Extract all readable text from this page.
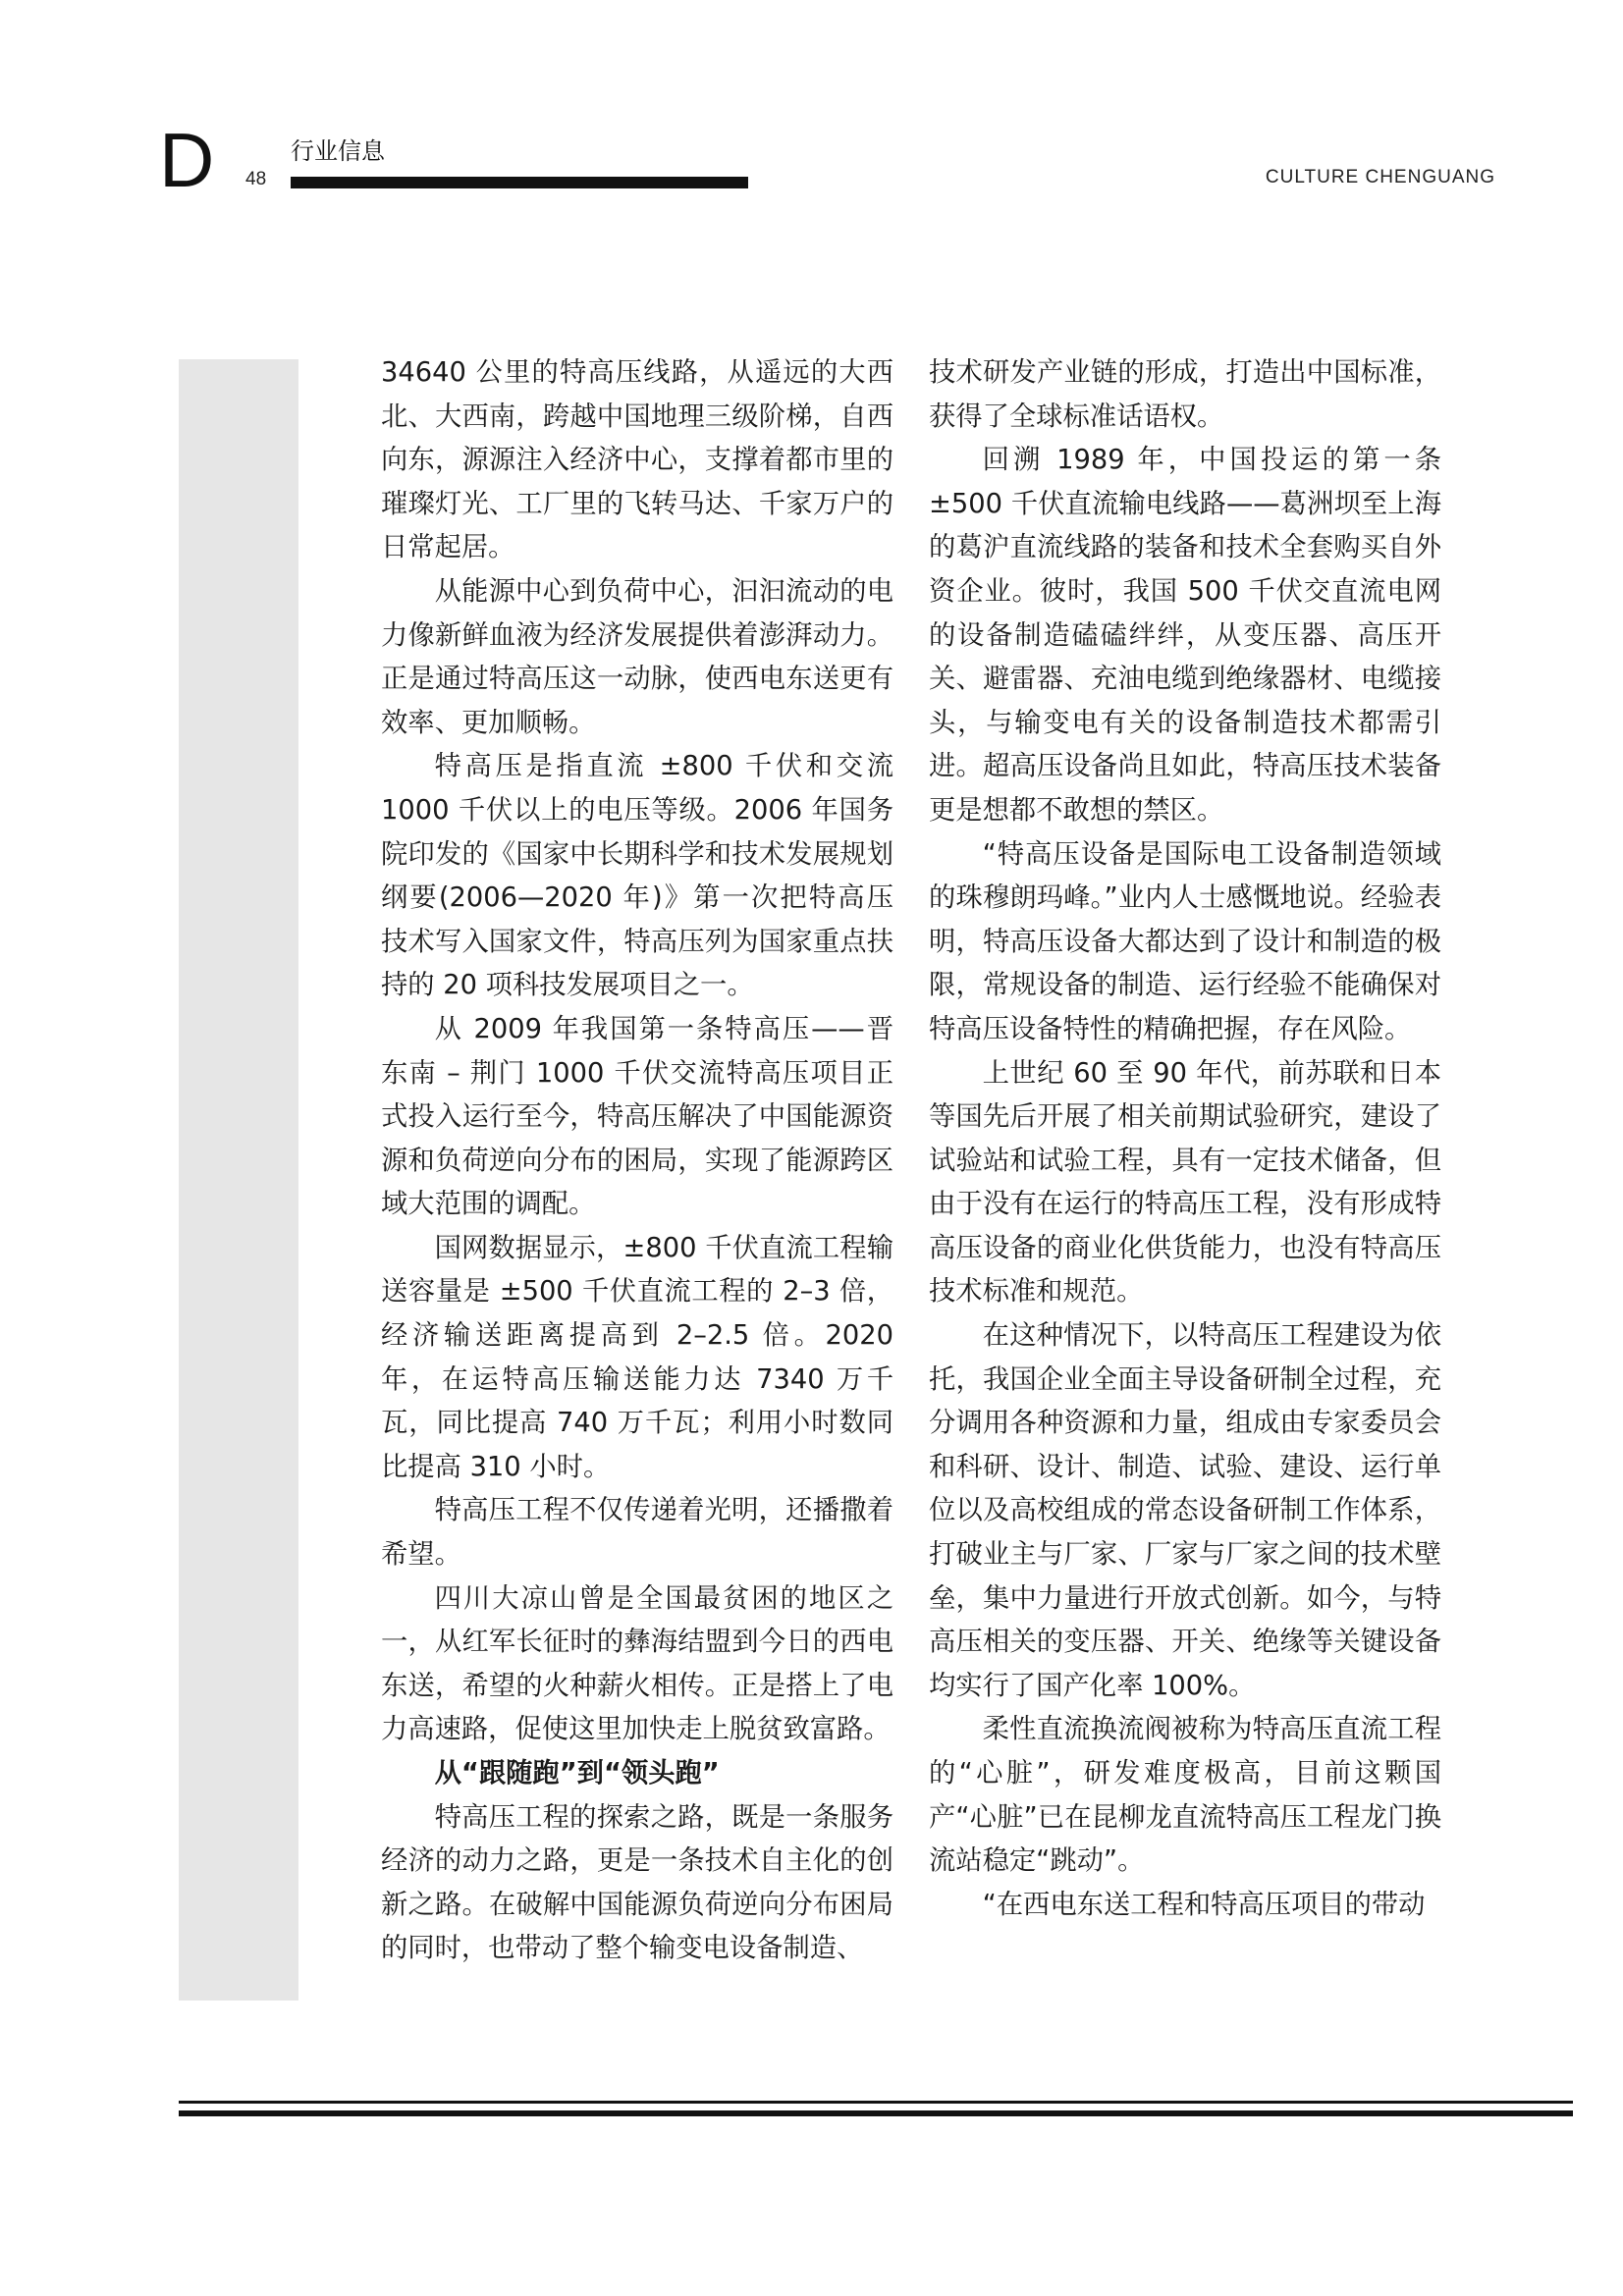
D 48
行业信息
CULTURE CHENGUANG

34640 公里的特高压线路，从遥远的大西北、大西南，跨越中国地理三级阶梯，自西向东，源源注入经济中心，支撑着都市里的璀璨灯光、工厂里的飞转马达、千家万户的日常起居。

从能源中心到负荷中心，汩汩流动的电力像新鲜血液为经济发展提供着澎湃动力。正是通过特高压这一动脉，使西电东送更有效率、更加顺畅。

特高压是指直流 ±800 千伏和交流 1000 千伏以上的电压等级。2006 年国务院印发的《国家中长期科学和技术发展规划纲要(2006—2020 年)》第一次把特高压技术写入国家文件，特高压列为国家重点扶持的 20 项科技发展项目之一。

从 2009 年我国第一条特高压——晋东南 – 荆门 1000 千伏交流特高压项目正式投入运行至今，特高压解决了中国能源资源和负荷逆向分布的困局，实现了能源跨区域大范围的调配。

国网数据显示，±800 千伏直流工程输送容量是 ±500 千伏直流工程的 2–3 倍，经济输送距离提高到 2–2.5 倍。2020 年，在运特高压输送能力达 7340 万千瓦，同比提高 740 万千瓦；利用小时数同比提高 310 小时。

特高压工程不仅传递着光明，还播撒着希望。

四川大凉山曾是全国最贫困的地区之一，从红军长征时的彝海结盟到今日的西电东送，希望的火种薪火相传。正是搭上了电力高速路，促使这里加快走上脱贫致富路。

从“跟随跑”到“领头跑”

特高压工程的探索之路，既是一条服务经济的动力之路，更是一条技术自主化的创新之路。在破解中国能源负荷逆向分布困局的同时，也带动了整个输变电设备制造、

技术研发产业链的形成，打造出中国标准，获得了全球标准话语权。

回溯 1989 年，中国投运的第一条 ±500 千伏直流输电线路——葛洲坝至上海的葛沪直流线路的装备和技术全套购买自外资企业。彼时，我国 500 千伏交直流电网的设备制造磕磕绊绊，从变压器、高压开关、避雷器、充油电缆到绝缘器材、电缆接头，与输变电有关的设备制造技术都需引进。超高压设备尚且如此，特高压技术装备更是想都不敢想的禁区。

“特高压设备是国际电工设备制造领域的珠穆朗玛峰。”业内人士感慨地说。经验表明，特高压设备大都达到了设计和制造的极限，常规设备的制造、运行经验不能确保对特高压设备特性的精确把握，存在风险。

上世纪 60 至 90 年代，前苏联和日本等国先后开展了相关前期试验研究，建设了试验站和试验工程，具有一定技术储备，但由于没有在运行的特高压工程，没有形成特高压设备的商业化供货能力，也没有特高压技术标准和规范。

在这种情况下，以特高压工程建设为依托，我国企业全面主导设备研制全过程，充分调用各种资源和力量，组成由专家委员会和科研、设计、制造、试验、建设、运行单位以及高校组成的常态设备研制工作体系，打破业主与厂家、厂家与厂家之间的技术壁垒，集中力量进行开放式创新。如今，与特高压相关的变压器、开关、绝缘等关键设备均实行了国产化率 100%。

柔性直流换流阀被称为特高压直流工程的“心脏”，研发难度极高，目前这颗国产“心脏”已在昆柳龙直流特高压工程龙门换流站稳定“跳动”。

“在西电东送工程和特高压项目的带动
